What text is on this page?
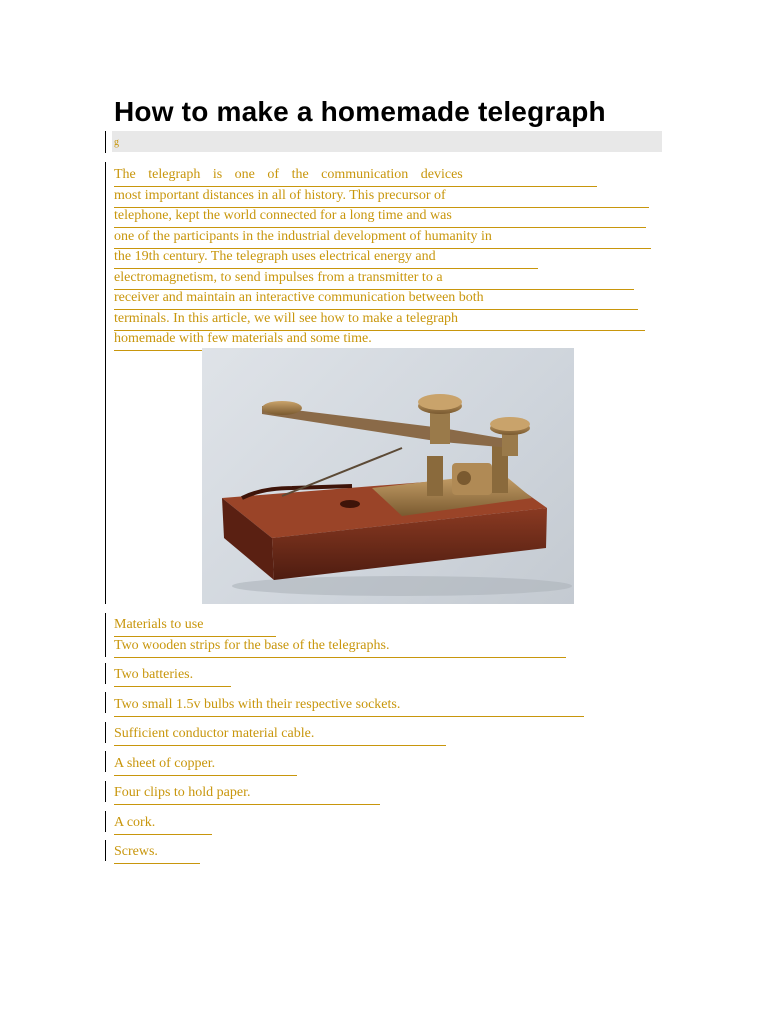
How to make a homemade telegraph
g
The telegraph is one of the communication devices
most important distances in all of history. This precursor of
telephone, kept the world connected for a long time and was
one of the participants in the industrial development of humanity in
the 19th century. The telegraph uses electrical energy and
electromagnetism, to send impulses from a transmitter to a
receiver and maintain an interactive communication between both
terminals. In this article, we will see how to make a telegraph
homemade with few materials and some time.
Materials to use
Two wooden strips for the base of the telegraphs.
Two batteries.
Two small 1.5v bulbs with their respective sockets.
Sufficient conductor material cable.
A sheet of copper.
Four clips to hold paper.
A cork.
Screws.
